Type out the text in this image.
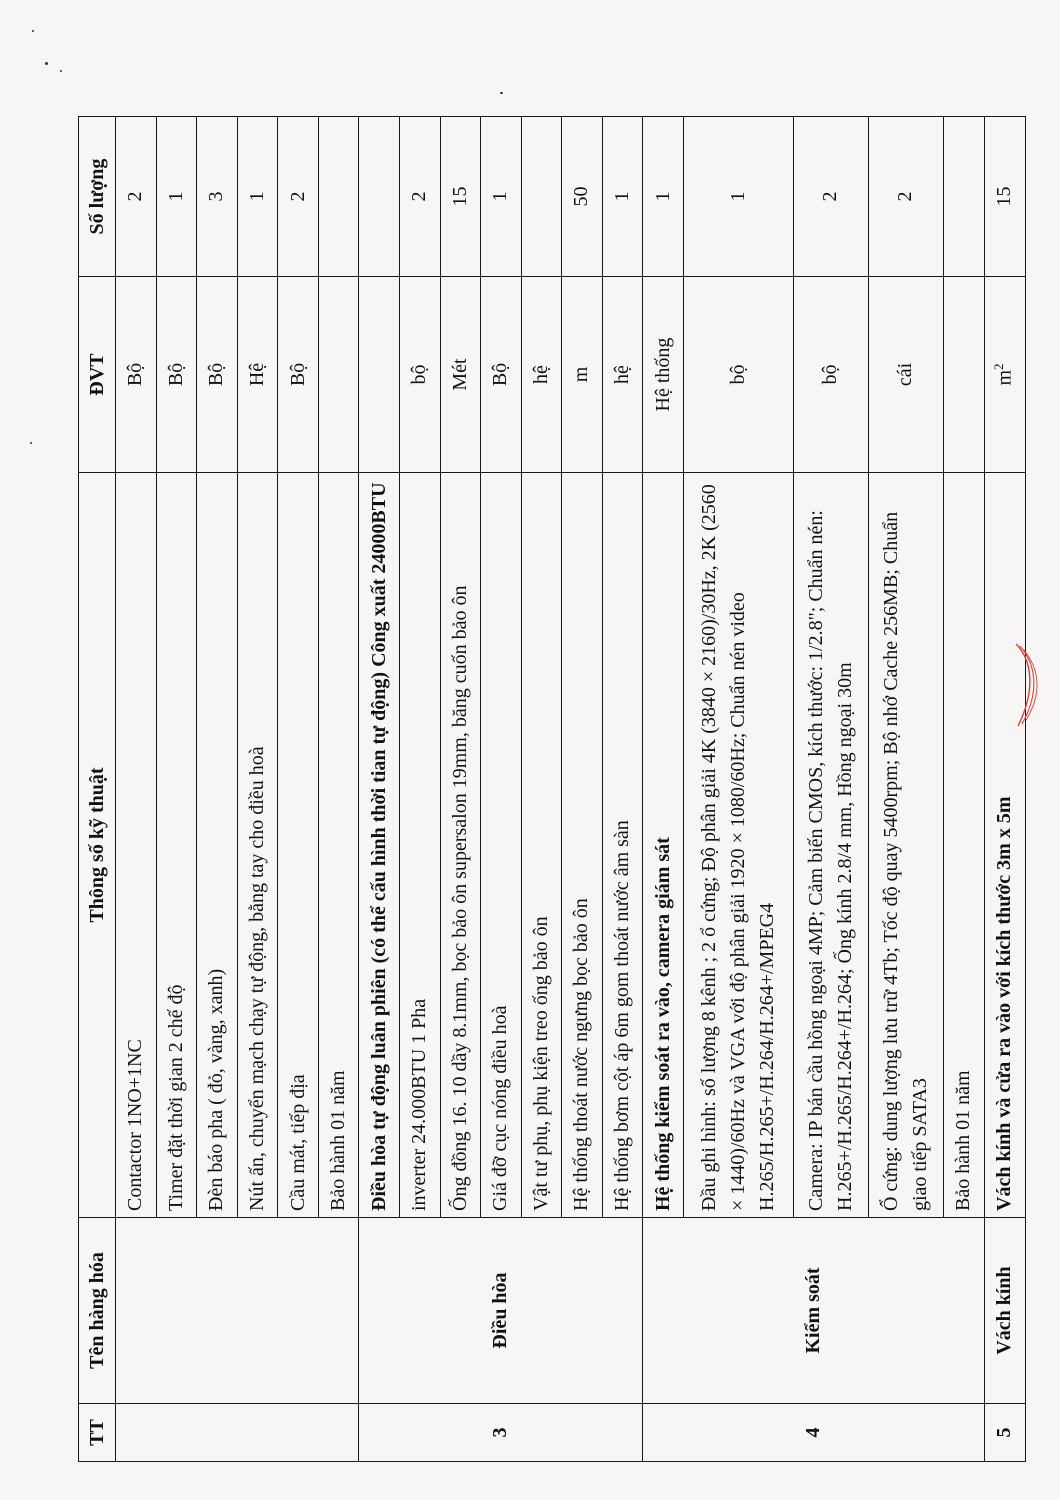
TT	Tên hàng hóa	Thông số kỹ thuật	ĐVT	Số lượng
		Contactor 1NO+1NC	Bộ	2
		Timer đặt thời gian 2 chế độ	Bộ	1
		Đèn báo pha ( đỏ, vàng, xanh)	Bộ	3
		Nút ấn, chuyển mạch chạy tự động, bằng tay cho điều hoà	Hệ	1
		Cầu mát, tiếp địa	Bộ	2
		Bảo hành 01 năm		
3	Điều hòa	Điều hòa tự động luân phiên (có thể cấu hình thời tian tự động) Công xuất 24000BTU		
		inverter 24.000BTU 1 Pha	bộ	2
		Ống đồng 16. 10 dầy 8.1mm, bọc bảo ôn supersalon 19mm, băng cuốn bảo ôn	Mét	15
		Giá đỡ cục nóng điều hoà	Bộ	1
		Vật tư phụ, phụ kiện treo ống bảo ôn	hệ	
		Hệ thống thoát nước ngưng bọc bảo ôn	m	50
		Hệ thống bơm cột áp 6m gom thoát nước âm sàn	hệ	1
4	Kiểm soát	Hệ thống kiểm soát ra vào, camera giám sát	Hệ thống	1
		Đầu ghi hình: số lượng 8 kênh ; 2 ổ cứng; Độ phân giải 4K (3840 × 2160)/30Hz, 2K (2560 × 1440)/60Hz và VGA với độ phân giải 1920 × 1080/60Hz; Chuẩn nén video H.265/H.265+/H.264/H.264+/MPEG4	bộ	1
		Camera: IP bán cầu hồng ngoại 4MP; Cảm biến CMOS, kích thước: 1/2.8"; Chuẩn nén: H.265+/H.265/H.264+/H.264; Ống kính 2.8/4 mm, Hồng ngoại 30m	bộ	2
		Ổ cứng: dung lượng lưu trữ 4Tb; Tốc độ quay 5400rpm; Bộ nhớ Cache 256MB; Chuẩn giao tiếp SATA3	cái	2
		Bảo hành 01 năm		
5	Vách kính	Vách kính và cửa ra vào với kích thước 3m x 5m	$m^2$	15
